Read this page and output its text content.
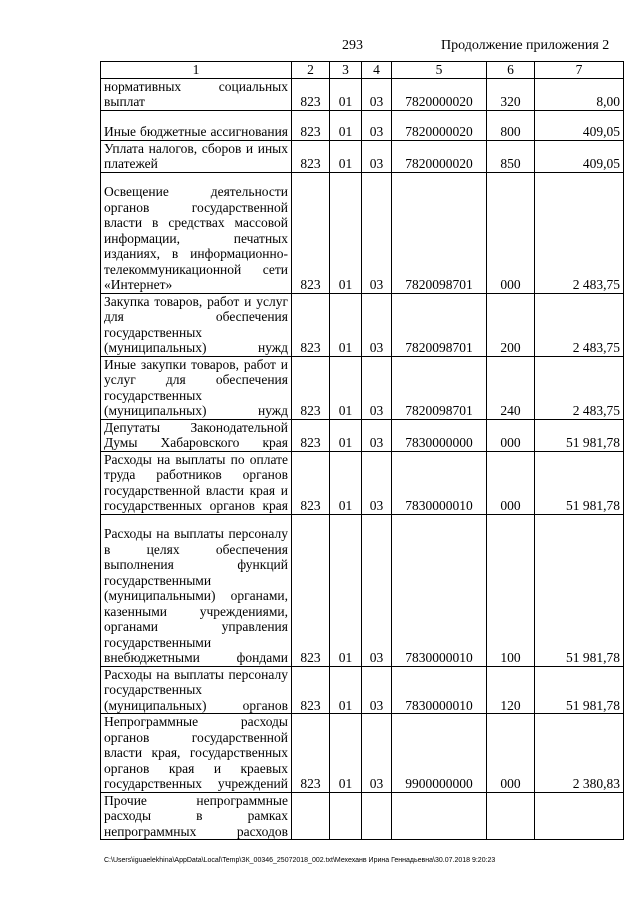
293	Продолжение приложения 2
1	2	3	4	5	6	7
нормативных социальных выплат	823	01	03	7820000020	320	8,00
Иные бюджетные ассигнования	823	01	03	7820000020	800	409,05
Уплата налогов, сборов и иных платежей	823	01	03	7820000020	850	409,05
Освещение деятельности органов государственной власти в средствах массовой информации, печатных изданиях, в информационно-телекоммуникационной сети «Интернет»	823	01	03	7820098701	000	2 483,75
Закупка товаров, работ и услуг для обеспечения государственных (муниципальных) нужд	823	01	03	7820098701	200	2 483,75
Иные закупки товаров, работ и услуг для обеспечения государственных (муниципальных) нужд	823	01	03	7820098701	240	2 483,75
Депутаты Законодательной Думы Хабаровского края	823	01	03	7830000000	000	51 981,78
Расходы на выплаты по оплате труда работников органов государственной власти края и государственных органов края	823	01	03	7830000010	000	51 981,78
Расходы на выплаты персоналу в целях обеспечения выполнения функций государственными (муниципальными) органами, казенными учреждениями, органами управления государственными внебюджетными фондами	823	01	03	7830000010	100	51 981,78
Расходы на выплаты персоналу государственных (муниципальных) органов	823	01	03	7830000010	120	51 981,78
Непрограммные расходы органов государственной власти края, государственных органов края и краевых государственных учреждений	823	01	03	9900000000	000	2 380,83
Прочие непрограммные расходы в рамках непрограммных расходов						
C:\Users\iguaelekhina\AppData\Local\Temp\ЗК_00346_25072018_002.txt\Мехеханв Ирина Геннадьевна\30.07.2018 9:20:23
